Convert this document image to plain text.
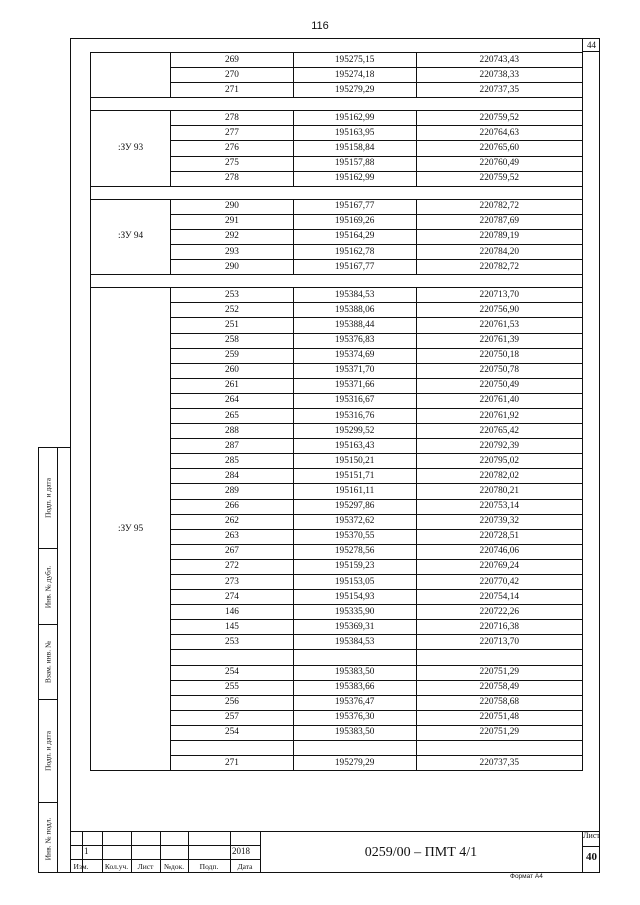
116
44
Подп. и дата
Инв. № дубл.
Взам. инв. №
Подп. и дата
Инв. № подл.
	269	195275,15	220743,43
	270	195274,18	220738,33
	271	195279,29	220737,35

:ЗУ 93	278	195162,99	220759,52
	277	195163,95	220764,63
	276	195158,84	220765,60
	275	195157,88	220760,49
	278	195162,99	220759,52

:ЗУ 94	290	195167,77	220782,72
	291	195169,26	220787,69
	292	195164,29	220789,19
	293	195162,78	220784,20
	290	195167,77	220782,72

:ЗУ 95	253	195384,53	220713,70
	252	195388,06	220756,90
	251	195388,44	220761,53
	258	195376,83	220761,39
	259	195374,69	220750,18
	260	195371,70	220750,78
	261	195371,66	220750,49
	264	195316,67	220761,40
	265	195316,76	220761,92
	288	195299,52	220765,42
	287	195163,43	220792,39
	285	195150,21	220795,02
	284	195151,71	220782,02
	289	195161,11	220780,21
	266	195297,86	220753,14
	262	195372,62	220739,32
	263	195370,55	220728,51
	267	195278,56	220746,06
	272	195159,23	220769,24
	273	195153,05	220770,42
	274	195154,93	220754,14
	146	195335,90	220722,26
	145	195369,31	220716,38
	253	195384,53	220713,70

	254	195383,50	220751,29
	255	195383,66	220758,49
	256	195376,47	220758,68
	257	195376,30	220751,48
	254	195383,50	220751,29

	271	195279,29	220737,35
1	2018
Изм.	Кол.уч.	Лист	№док.	Подп.	Дата
0259/00 – ПМТ 4/1
Лист
40
Формат А4
